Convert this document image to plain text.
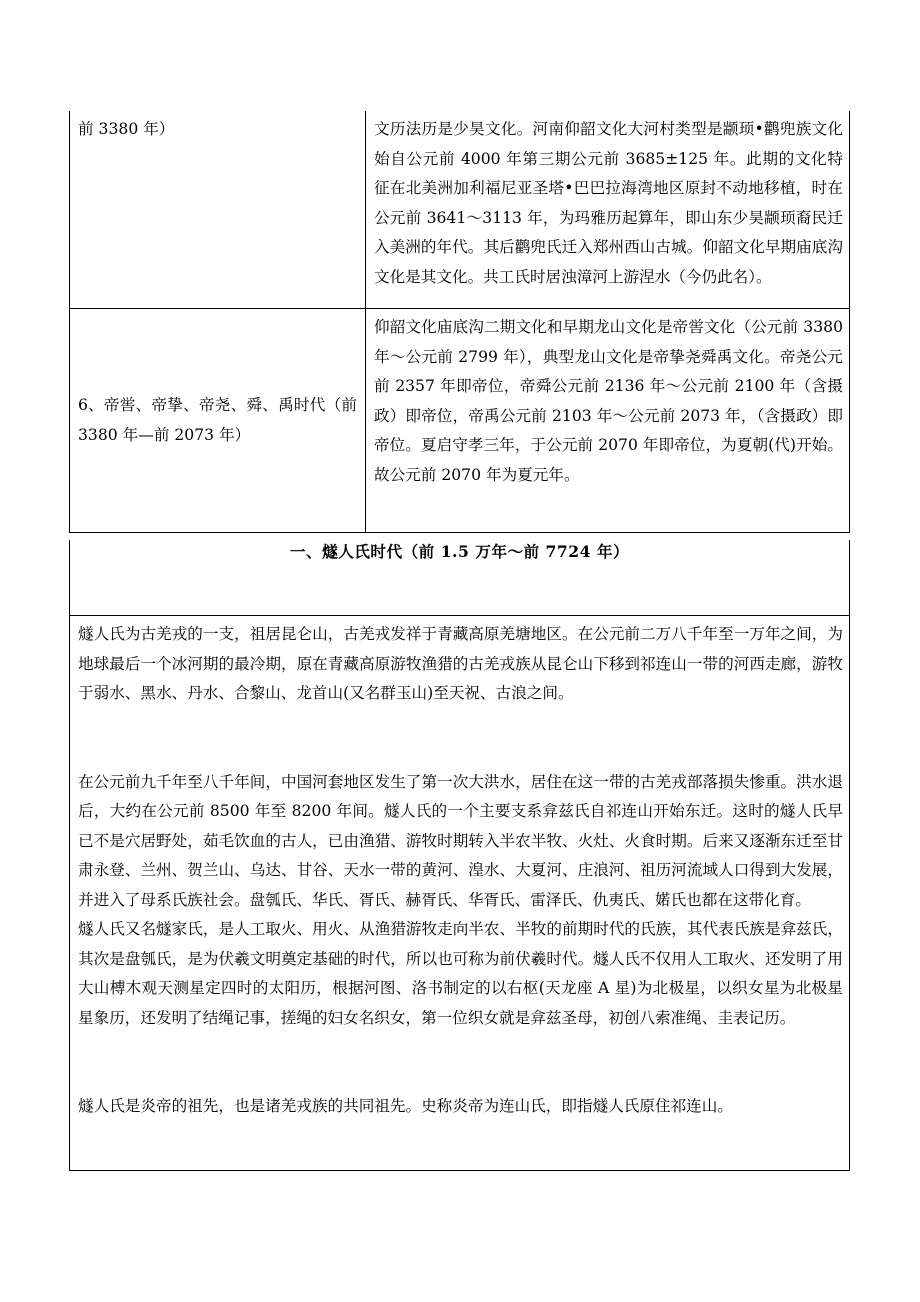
前 3380 年）	文历法历是少昊文化。河南仰韶文化大河村类型是颛顼•鹳兜族文化始自公元前 4000 年第三期公元前 3685±125 年。此期的文化特征在北美洲加利福尼亚圣塔•巴巴拉海湾地区原封不动地移植，时在公元前 3641～3113 年，为玛雅历起算年，即山东少昊颛顼裔民迁入美洲的年代。其后鹳兜氏迁入郑州西山古城。仰韶文化早期庙底沟文化是其文化。共工氏时居浊漳河上游涅水（今仍此名）。

6、帝喾、帝挚、帝尧、舜、禹时代（前 3380 年—前 2073 年）

仰韶文化庙底沟二期文化和早期龙山文化是帝喾文化（公元前 3380 年～公元前 2799 年），典型龙山文化是帝挚尧舜禹文化。帝尧公元前 2357 年即帝位，帝舜公元前 2136 年～公元前 2100 年（含摄政）即帝位，帝禹公元前 2103 年～公元前 2073 年，（含摄政）即帝位。夏启守孝三年，于公元前 2070 年即帝位，为夏朝(代)开始。故公元前 2070 年为夏元年。

一、燧人氏时代（前 1.5 万年～前 7724 年）

燧人氏为古羌戎的一支，祖居昆仑山，古羌戎发祥于青藏高原羌塘地区。在公元前二万八千年至一万年之间，为地球最后一个冰河期的最冷期，原在青藏高原游牧渔猎的古羌戎族从昆仑山下移到祁连山一带的河西走廊，游牧于弱水、黑水、丹水、合黎山、龙首山(又名群玉山)至天祝、古浪之间。

在公元前九千年至八千年间，中国河套地区发生了第一次大洪水，居住在这一带的古羌戎部落损失惨重。洪水退后，大约在公元前 8500 年至 8200 年间。燧人氏的一个主要支系弇兹氏自祁连山开始东迁。这时的燧人氏早已不是穴居野处，茹毛饮血的古人，已由渔猎、游牧时期转入半农半牧、火灶、火食时期。后来又逐渐东迁至甘肃永登、兰州、贺兰山、乌达、甘谷、天水一带的黄河、湟水、大夏河、庄浪河、祖历河流域人口得到大发展，并进入了母系氏族社会。盘瓠氏、华氏、胥氏、赫胥氏、华胥氏、雷泽氏、仇夷氏、婼氏也都在这带化育。

燧人氏又名燧家氏，是人工取火、用火、从渔猎游牧走向半农、半牧的前期时代的氏族，其代表氏族是弇兹氏，其次是盘瓠氏，是为伏羲文明奠定基础的时代，所以也可称为前伏羲时代。燧人氏不仅用人工取火、还发明了用大山榑木观天测星定四时的太阳历，根据河图、洛书制定的以右枢(天龙座 A 星)为北极星，以织女星为北极星星象历，还发明了结绳记事，搓绳的妇女名织女，第一位织女就是弇兹圣母，初创八索准绳、圭表记历。

燧人氏是炎帝的祖先，也是诸羌戎族的共同祖先。史称炎帝为连山氏，即指燧人氏原住祁连山。
